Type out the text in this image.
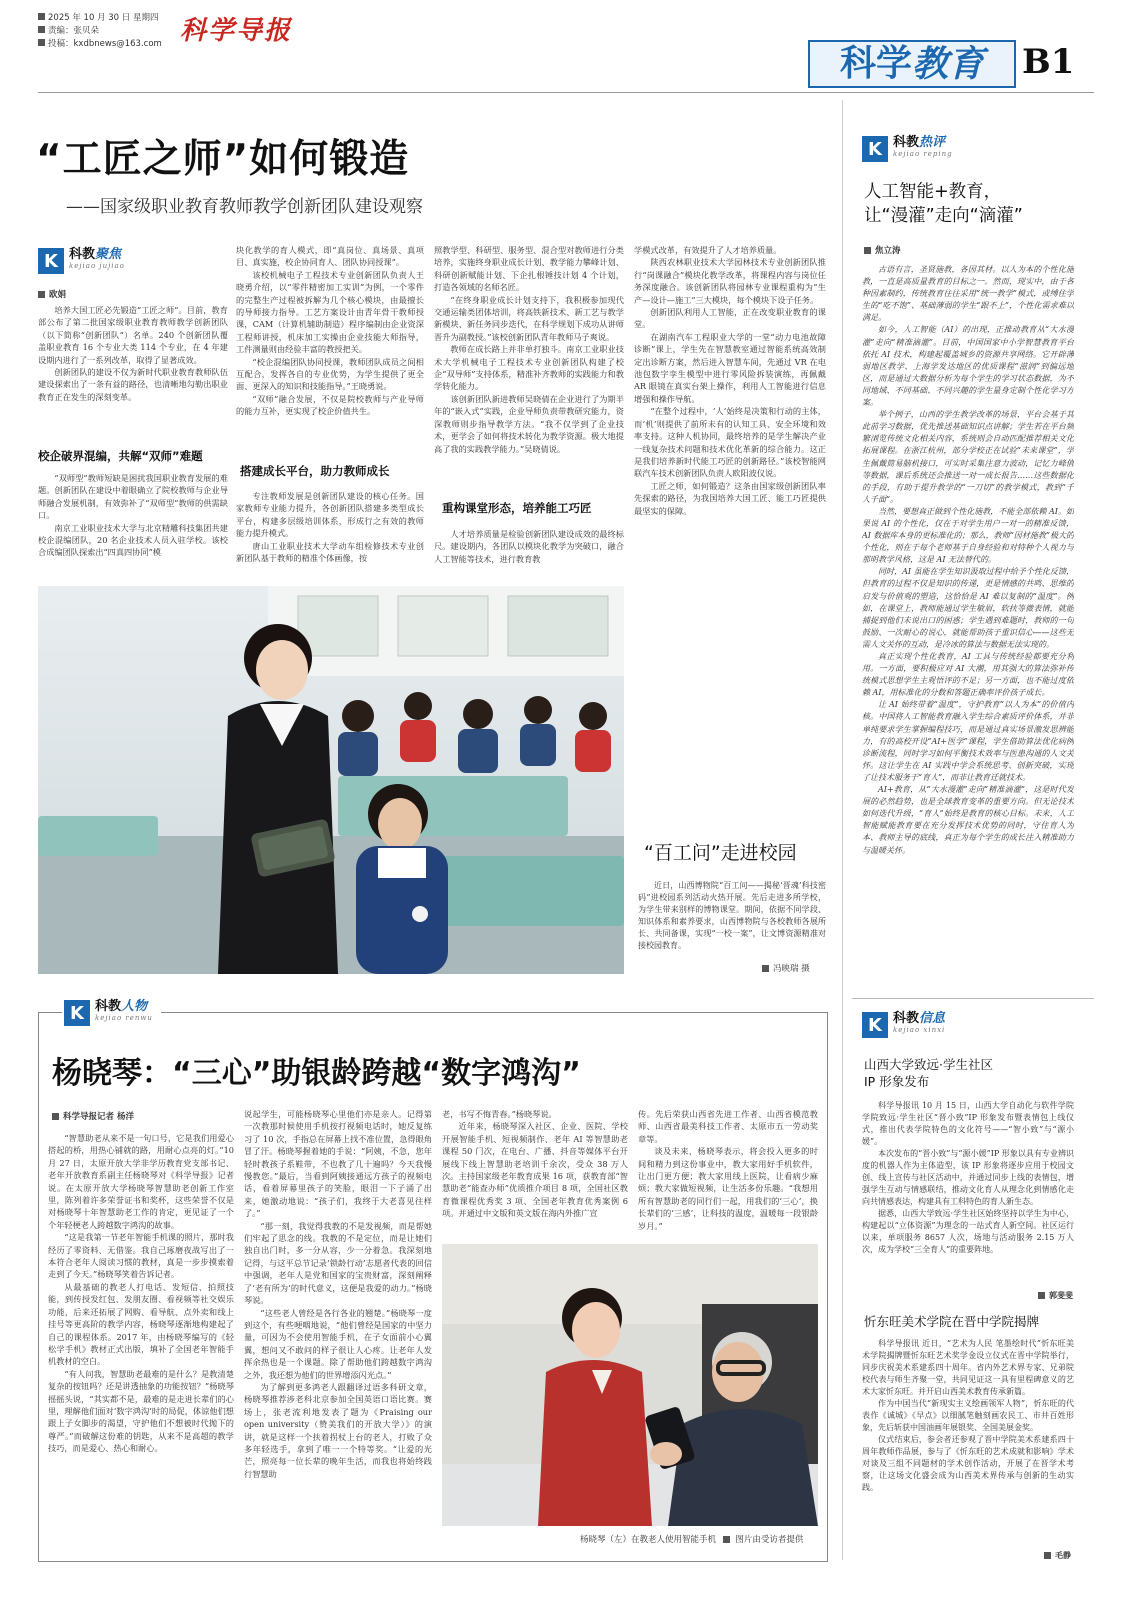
2025 年 10 月 30 日 星期四
责编：张贝朵
投稿：kxdbnews@163.com 科学导报
科学 教育 B1
“工匠之师”如何锻造
——国家级职业教育教师教学创新团队建设观察
K 科教聚焦
kejiao jujiao
欧娟

培养大国工匠必先锻造“工匠之师”。目前，教育部公布了第二批国家级职业教育教师教学创新团队（以下简称“创新团队”）名单。240 个创新团队覆盖职业教育 16 个专业大类 114 个专业，在 4 年建设期内进行了一系列改革，取得了显著成效。

创新团队的建设不仅为新时代职业教育教师队伍建设探索出了一条有益的路径，也清晰地勾勒出职业教育正在发生的深刻变革。

校企破界混编，共解“双师”难题

“双师型”教师短缺是困扰我国职业教育发展的难题。创新团队在建设中着眼确立了院校教师与企业导师融合发展机制，有效弥补了“双师型”教师的供需缺口。

南京工业职业技术大学与北京精雕科技集团共建校企混编团队，20 名企业技术人员入驻学校。该校合成编团队探索出“四真四协同”模

块化教学的育人模式，即“真岗位、真场景、真项目、真实施，校企协同育人、团队协同授课”。

该校机械电子工程技术专业创新团队负责人王晓勇介绍，以“零件精密加工实训”为例，一个零件的完整生产过程被拆解为几个核心模块，由最擅长的导师接力指导。工艺方案设计由青年骨干教师授课，CAM（计算机辅助制造）程序编制由企业资深工程师讲授，机床加工实操由企业技能大师指导，工件测量则由经验丰富的教授把关。

“校企混编团队协同授课，教师团队成员之间相互配合，发挥各自的专业优势，为学生提供了更全面、更深入的知识和技能指导。”王晓勇说。

“双师”融合发展，不仅是院校教师与产业导师的能力互补，更实现了校企价值共生。

搭建成长平台，助力教师成长

专注教师发展是创新团队建设的核心任务。国家教师专业能力提升，各创新团队搭建多类型成长平台，构建多层级培训体系，形成行之有效的教师能力提升模式。

唐山工业职业技术大学动车组检修技术专业创新团队基于教师的精准个体画像，按

照教学型、科研型、服务型、混合型对教师进行分类培养，实施终身职业成长计划、教学能力攀峰计划、科研创新赋能计划、下企扎根锤技计划 4 个计划，打造各领域的名师名匠。

“在终身职业成长计划支持下，我积极参加现代交通运输类团体培训，将高铁新技术、新工艺与教学新模块、新任务同步迭代，在科学规划下成功从讲师晋升为副教授。”该校创新团队青年教师马子爽说。

教师在成长路上并非单打独斗。南京工业职业技术大学机械电子工程技术专业创新团队构建了校企“双导师”支持体系，精准补齐教师的实践能力和教学转化能力。

该创新团队新进教师吴晓倩在企业进行了为期半年的“嵌入式”实践，企业导师负责带教研究能力，资深教师则步指导教学方法。“我不仅学到了企业技术，更学会了如何将技术转化为教学资源。极大地提高了我的实践教学能力。”吴晓倩说。

重构课堂形态，培养能工巧匠

人才培养质量是检验创新团队建设成效的最终标尺。建设期内，各团队以模块化教学为突破口，融合人工智能等技术，进行教育教

学模式改革，有效提升了人才培养质量。

陕西农林职业技术大学园林技术专业创新团队推行“岗课融合”模块化教学改革，将课程内容与岗位任务深度融合。该创新团队将园林专业课程重构为“生产—设计—施工”三大模块，每个模块下设子任务。

创新团队利用人工智能，正在改变职业教育的课堂。

在湖南汽车工程职业大学的一堂“动力电池故障诊断”课上，学生先在智慧教室通过智能系统高效制定出诊断方案，然后进入智慧车间，先通过 VR 在电池包数字孪生模型中进行零风险拆装演练，再佩戴 AR 眼镜在真实台架上操作，利用人工智能进行信息增强和操作导航。

“在整个过程中，‘人’始终是决策和行动的主体，而‘机’则提供了前所未有的认知工具、安全环境和效率支持。这种人机协同，最终培养的是学生解决产业一线复杂技术问题和技术优化革新的综合能力。这正是我们培养新时代能工巧匠的创新路径。”该校智能网联汽车技术创新团队负责人欧阳波仪说。

工匠之师，如何锻造？这条由国家级创新团队率先探索的路径，为我国培养大国工匠、能工巧匠提供最坚实的保障。

“百工问”走进校园

近日，山西博物院“百工问——揭秘‘晋魂’科技密码”进校园系列活动火热开展。先后走进多所学校，为学生带来别样的博物课堂。期间，依据不同学段、知识体系和素养要求，山西博物院与各校教师各展所长、共同备课，实现“一校一案”，让文博资源精准对接校园教育。

冯映瑞 摄
K 科教人物
kejiao renwu
杨晓琴：“三心”助银龄跨越“数字鸿沟”
科学导报记者 杨洋

“智慧助老从来不是一句口号，它是我们用爱心搭起的桥，用热心铺就的路，用耐心点亮的灯。”10 月 27 日，太原开放大学非学历教育党支部书记、老年开放教育系副主任杨晓琴对《科学导报》记者说。在太原开放大学杨晓琴智慧助老创新工作室里，陈列着许多荣誉证书和奖杯，这些荣誉不仅是对杨晓琴十年智慧助老工作的肯定，更见证了一个个年轻梗老人跨越数字鸿沟的故事。

“这是我第一节老年智能手机课的照片，那时我经历了零资料、无借鉴。我自己琢磨夜战写出了一本符合老年人阅读习惯的教材，真是一步步摸索着走到了今天。”杨晓琴笑着告诉记者。

从最基础的教老人打电话、发短信、拍照技能，到传授发红包、发朋友圈、看视频等社交娱乐功能，后来还拓展了网购、看导航、点外卖和线上挂号等更高阶的教学内容，杨晓琴逐渐地构建起了自己的课程体系。2017 年，由杨晓琴编写的《轻松学手机》教材正式出版，填补了全国老年智能手机教材的空白。

“有人问我，智慧助老最难的是什么？是教清楚复杂的按钮吗？还是讲透抽象的功能按钮？”杨晓琴摇摇头说，“其实都不是，最难的是走进长辈们的心里，理解他们面对‘数字鸿沟’时的局促，体谅他们想跟上子女脚步的渴望，守护他们不想被时代抛下的尊严。”而破解这份难的钥匙，从来不是高超的教学技巧，而是爱心、热心和耐心。

说起学生，可能杨晓琴心里他们亦是亲人。记得第一次教那时候使用手机按打视频电话时，她反复练习了 10 次，手指总在屏幕上找不准位置，急得眼角冒了汗。杨晓琴握着她的手说：“阿姨，不急，您年轻时教孩子系鞋带，不也教了几十遍吗？今天我慢慢教您。”最后，当看到阿姨接通远方孩子的视频电话，看着屏幕里孩子的笑脸，眼泪一下子涌了出来，她激动地说：“孩子们，我终于大老喜见往样了。”

“那一刻，我觉得我教的不是发视频，而是帮她们牢起了思念的线。我教的不是定位，而是让她们独自出门时，多一分从容，少一分着急。我深刻地记得，与这平总节记录‘锁龄行动’志愿者代表的回信中强调，老年人是党和国家的宝贵财富，深刻阐释了‘老有所为’的时代意义，这便是我爱的动力。”杨晓琴说。

“这些老人曾经是各行各业的翘楚。”杨晓琴一度到这个，有些哽咽地说，“他们曾经是国家的中坚力量，可因为不会使用智能手机，在子女面前小心翼翼，想问又不敢问的样子很让人心疼。让老年人发挥余热也是一个课题。除了帮助他们跨越数字鸿沟之外，我还想为他们的世界增添闪光点。”

为了解到更多鸿老人跟翻译过语多科研文章，杨晓琴推荐涉老科北京参加全国英语口语比赛。赛场上，张老流利地发表了题为《Praising our open university（赞美我们的开放大学）》的演讲，就是这样一个扶着拐杖上台的老人，打败了众多年轻选手，拿到了唯一一个特等奖。“让爱的光芒，照亮每一位长辈的晚年生活，而我也将始终践行智慧助

老，书写不悔青春。”杨晓琴说。

近年来，杨晓琴深入社区、企业、医院、学校开展智能手机、短视频制作、老年 AI 等智慧助老课程 50 门次，在电台、广播、抖音等媒体平台开展线下线上智慧助老培训千余次，受众 38 万人次。主持国家级老年教育成果 16 项，获教育部“智慧助老”能查办师”优质推介项目 8 项，全国社区教育微课程优秀奖 3 项、全国老年教育优秀案例 6 项。并通过中文版和英文版在海内外推广宣

传。先后荣获山西省先进工作者、山西省模范教师、山西省最美科技工作者、太原市五一劳动奖章等。

谈及未来，杨晓琴表示，将会投入更多的时间和精力到这份事业中，教大家用好手机软件，让出门更方便；教大家用线上医院，让看病少麻烦；教大家做短视频，让生活多份乐趣。“我想用所有智慧助老的同行们一起，用我们的‘三心’，换长辈们的‘三感’，让科技的温度，温暖每一段银龄岁月。”

杨晓琴（左）在教老人使用智能手机 图片由受访者提供
K 科教热评
kejiao reping
人工智能+教育，
让“漫灌”走向“滴灌”
焦立涛

古语有言，圣贤施教，各因其材。以人为本的个性化施教，一直是高质量教育的目标之一。然而，现实中，由于各种因素制约，传统教育往往采用“统一教学”模式，或缚住学生的“吃不饱”、基础薄弱的学生“跟不上”，个性化需求难以满足。

如今，人工智能（AI）的出现，正推动教育从“大水漫灌”走向“精准滴灌”。目前，中国国家中小学智慧教育平台依托 AI 技术，构建起覆盖城乡的资源共享网络。它开辟薄弱地区教学、上海学发达地区的优质课程“滋润”到偏远地区，而是通过大数据分析为每个学生的学习状态数据，为不同地域、不同基础、不同兴趣的学生量身定制个性化学习方案。

举个例子，山西的学生教学改革的场景，平台会基于其此前学习数据，优先推送基础知识点讲解；学生若在平台频繁浏览传统文化相关内容，系统则会自动匹配推荐相关文化拓展课程。在浙江杭州，部分学校正在试验“未来课堂”，学生佩戴简易脑机接口，可实时采集注意力波动，记忆力峰值等数据，课后系统还会推送一对一成长报告……这些数据化的手段，有助于提升教学的“一刀切”的教学模式，教到“千人千面”。

当然，要想真正做到个性化施教，不能全部依赖 AI。如果说 AI 的个性化，仅在于对学生用户一对一的精准反馈，AI 数据库本身的更标准化的；那么，教师“因材施教”极大的个性化，则在于每个老师基于自身经验和对特种个人视力与那明教学风格，这是 AI 无法替代的。

同时，AI 虽能在学生知识汲取过程中给予个性化反馈，但教育的过程不仅是知识的传递，更是情感的共鸣、思维的启发与价值观的塑造，这恰恰是 AI 难以复制的“温度”。例如，在课堂上，教师能通过学生敏眉，软扶等微表情，就能捕捉到他们未说出口的困惑；学生遇到难题时，教师的一句鼓励、一次耐心的说心，就能帮助孩子重识信心——这些无需人文关怀的互动，是冷冰的算法与数据无法实现的。

真正实现个性化教育，AI 工具与传统经验都要充分利用。一方面，要积极应对 AI 大潮，用其强大的算法弥补传统模式思想学生主观悟评的不足；另一方面，也不能过度依赖 AI，用标准化的分数和答题正确率评价孩子成长。

让 AI 始终带着“温度”，守护教育“以人为本”的价值内核。中国将人工智能教育融入学生综合素质评价体系，并非单纯要求学生掌握编程技巧，而是通过真实场景激发思辨能力，有的高校开设“AI+医学”课程，学生借助算法优化病例诊断流程，同时学习如何平衡技术效率与医患沟通的人文关怀。这让学生在 AI 实践中学会系统思考、创新突破，实现了让技术服务于“育人”，而非让教育迁就技术。

AI+教育，从“大水漫灌”走向“精准滴灌”，这是时代发展的必然趋势，也是全球教育变革的重要方向。但无论技术如何迭代升级，“育人”始终是教育的核心目标。未来，人工智能赋能教育要在充分发挥技术优势的同时，守住育人为本、教师主导的底线，真正为每个学生的成长注入精准助力与温暖关怀。

K 科教信息
kejiao xinxi
山西大学致远·学生社区
IP 形象发布

科学导报讯 10 月 15 日，山西大学自动化与软件学院学院致远·学生社区“晋小致”IP 形象发布暨表情包上线仪式，推出代表学院特色的文化符号——“智小致”与“源小媛”。

本次发布的“晋小致”与“源小媛”IP 形象以具有专业辨识度的机器人作为主体造型，该 IP 形象将逐步应用于校园文创、线上宣传与社区活动中，并通过同步上线的表情包，增强学生互动与情感联结，推动文化育人从理念化到情感化走向共情感表达，构建具有工科特色的育人新生态。

据悉，山西大学致远·学生社区始终坚持以学生为中心，构建起以“立体资源”为理念的一站式育人新空间。社区运行以来，单项服务 8657 人次，场地与活动服务 2.15 万人次，成为学校“三全育人”的重要阵地。

郭斐斐
忻东旺美术学院在晋中学院揭牌

科学导报讯 近日，“艺术为人民 笔墨绘时代”忻东旺美术学院揭牌暨忻东旺艺术奖学金设立仪式在晋中学院举行，同步庆祝美术系建系四十周年。省内外艺术界专家、兄弟院校代表与师生齐聚一堂，共同见证这一具有里程碑意义的艺术大家忻东旺。并开启山西美术教育传承新篇。

作为中国当代“新现实主义绘画领军人物”，忻东旺的代表作《诚城》《早点》以细腻笔触刻画农民工、市井百姓形象，先后斩获中国油画年展银奖、全国美展金奖。

仪式结束后，参会者还参观了晋中学院美术系建系四十周年教师作品展，参与了《忻东旺的艺术成就和影响》学术对谈及三组不同题材的学术创作活动，开展了在晋学术考察，让这场文化盛会成为山西美术界传承与创新的生动实践。

毛静
